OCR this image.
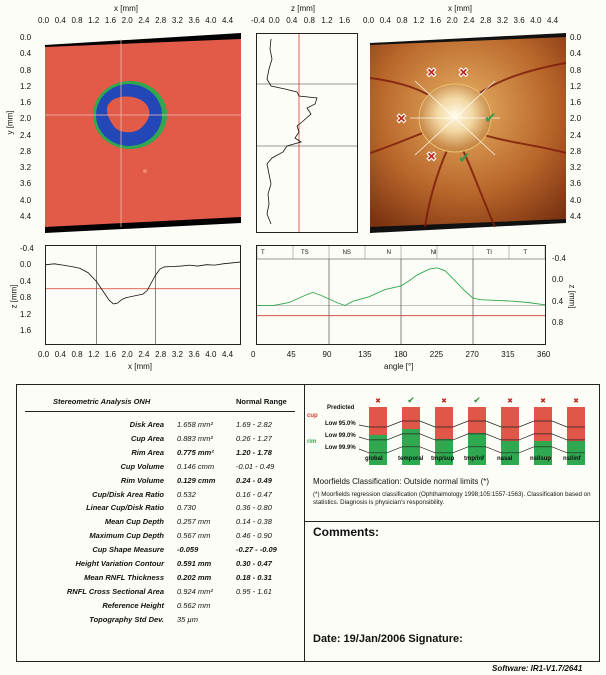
x [mm]
0.0 0.4 0.8 1.2 1.6 2.0 2.4 2.8 3.2 3.6 4.0 4.4
y [mm]
0.0
0.4
0.8
1.2
1.6
2.0
2.4
2.8
3.2
3.6
4.0
4.4
z [mm]
-0.4 0.0 0.4 0.8 1.2 1.6
x [mm]
0.0 0.4 0.8 1.2 1.6 2.0 2.4 2.8 3.2 3.6 4.0 4.4
0.0
0.4
0.8
1.2
1.6
2.0
2.4
2.8
3.2
3.6
4.0
4.4
✖ ✖
✖
✖
✔
✔
-0.4
0.0
0.4
0.8
1.2
1.6
z [mm]
0.0 0.4 0.8 1.2 1.6 2.0 2.4 2.8 3.2 3.6 4.0 4.4
x [mm]
T	TS	NS	N	NI	TI	T
0	45	90	135	180	225	270	315	360
angle [°]
-0.4
0.0
0.4
0.8
z [mm]
Stereometric Analysis ONH	Normal Range
Disk Area 1.658 mm²	1.69 - 2.82
Cup Area 0.883 mm²	0.26 - 1.27
Rim Area 0.775 mm²	1.20 - 1.78
Cup Volume 0.146 cmm	-0.01 - 0.49
Rim Volume 0.129 cmm	0.24 - 0.49
Cup/Disk Area Ratio 0.532	0.16 - 0.47
Linear Cup/Disk Ratio 0.730	0.36 - 0.80
Mean Cup Depth 0.257 mm	0.14 - 0.38
Maximum Cup Depth 0.567 mm	0.46 - 0.90
Cup Shape Measure -0.059	-0.27 - -0.09
Height Variation Contour 0.591 mm	0.30 - 0.47
Mean RNFL Thickness 0.202 mm	0.18 - 0.31
RNFL Cross Sectional Area 0.924 mm²	0.95 - 1.61
Reference Height 0.562 mm
Topography Std Dev. 35 µm
Predicted
cup
rim
Low 95.0%
Low 99.0%
Low 99.9%
✖	✔	✖	✔	✖	✖	✖
global	temporal tmp/sup tmp/inf nasal	nsl/sup nsl/inf
Moorfields Classification: Outside normal limits (*)
(*) Moorfields regression classification (Ophthalmology 1998;105:1557-1563). Classification based on statistics. Diagnosis is physician's responsibility.
Comments:
Date: 19/Jan/2006 Signature:
Software: IR1-V1.7/2641
